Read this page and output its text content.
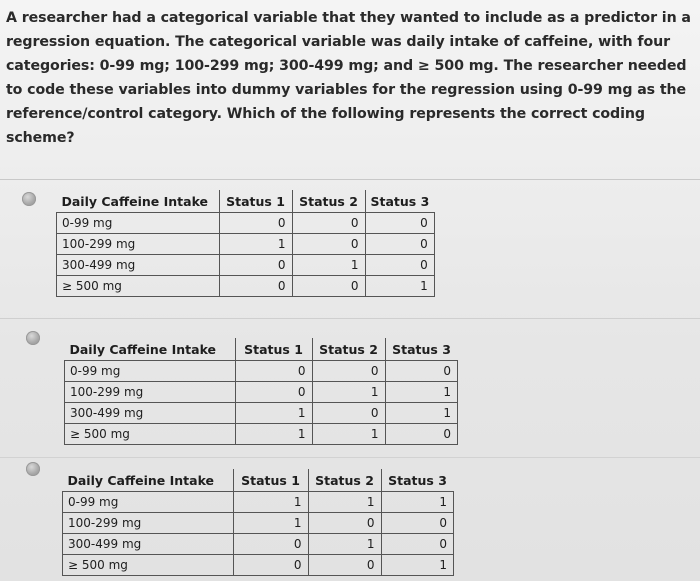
A researcher had a categorical variable that they wanted to include as a predictor in a regression equation. The categorical variable was daily intake of caffeine, with four categories: 0-99 mg; 100-299 mg; 300-499 mg; and ≥ 500 mg. The researcher needed to code these variables into dummy variables for the regression using 0-99 mg as the reference/control category. Which of the following represents the correct coding scheme?
Daily Caffeine Intake	Status 1	Status 2	Status 3
0-99 mg	0	0	0
100-299 mg	1	0	0
300-499 mg	0	1	0
≥ 500 mg	0	0	1
Daily Caffeine Intake	Status 1	Status 2	Status 3
0-99 mg	0	0	0
100-299 mg	0	1	1
300-499 mg	1	0	1
≥ 500 mg	1	1	0
Daily Caffeine Intake	Status 1	Status 2	Status 3
0-99 mg	1	1	1
100-299 mg	1	0	0
300-499 mg	0	1	0
≥ 500 mg	0	0	1
